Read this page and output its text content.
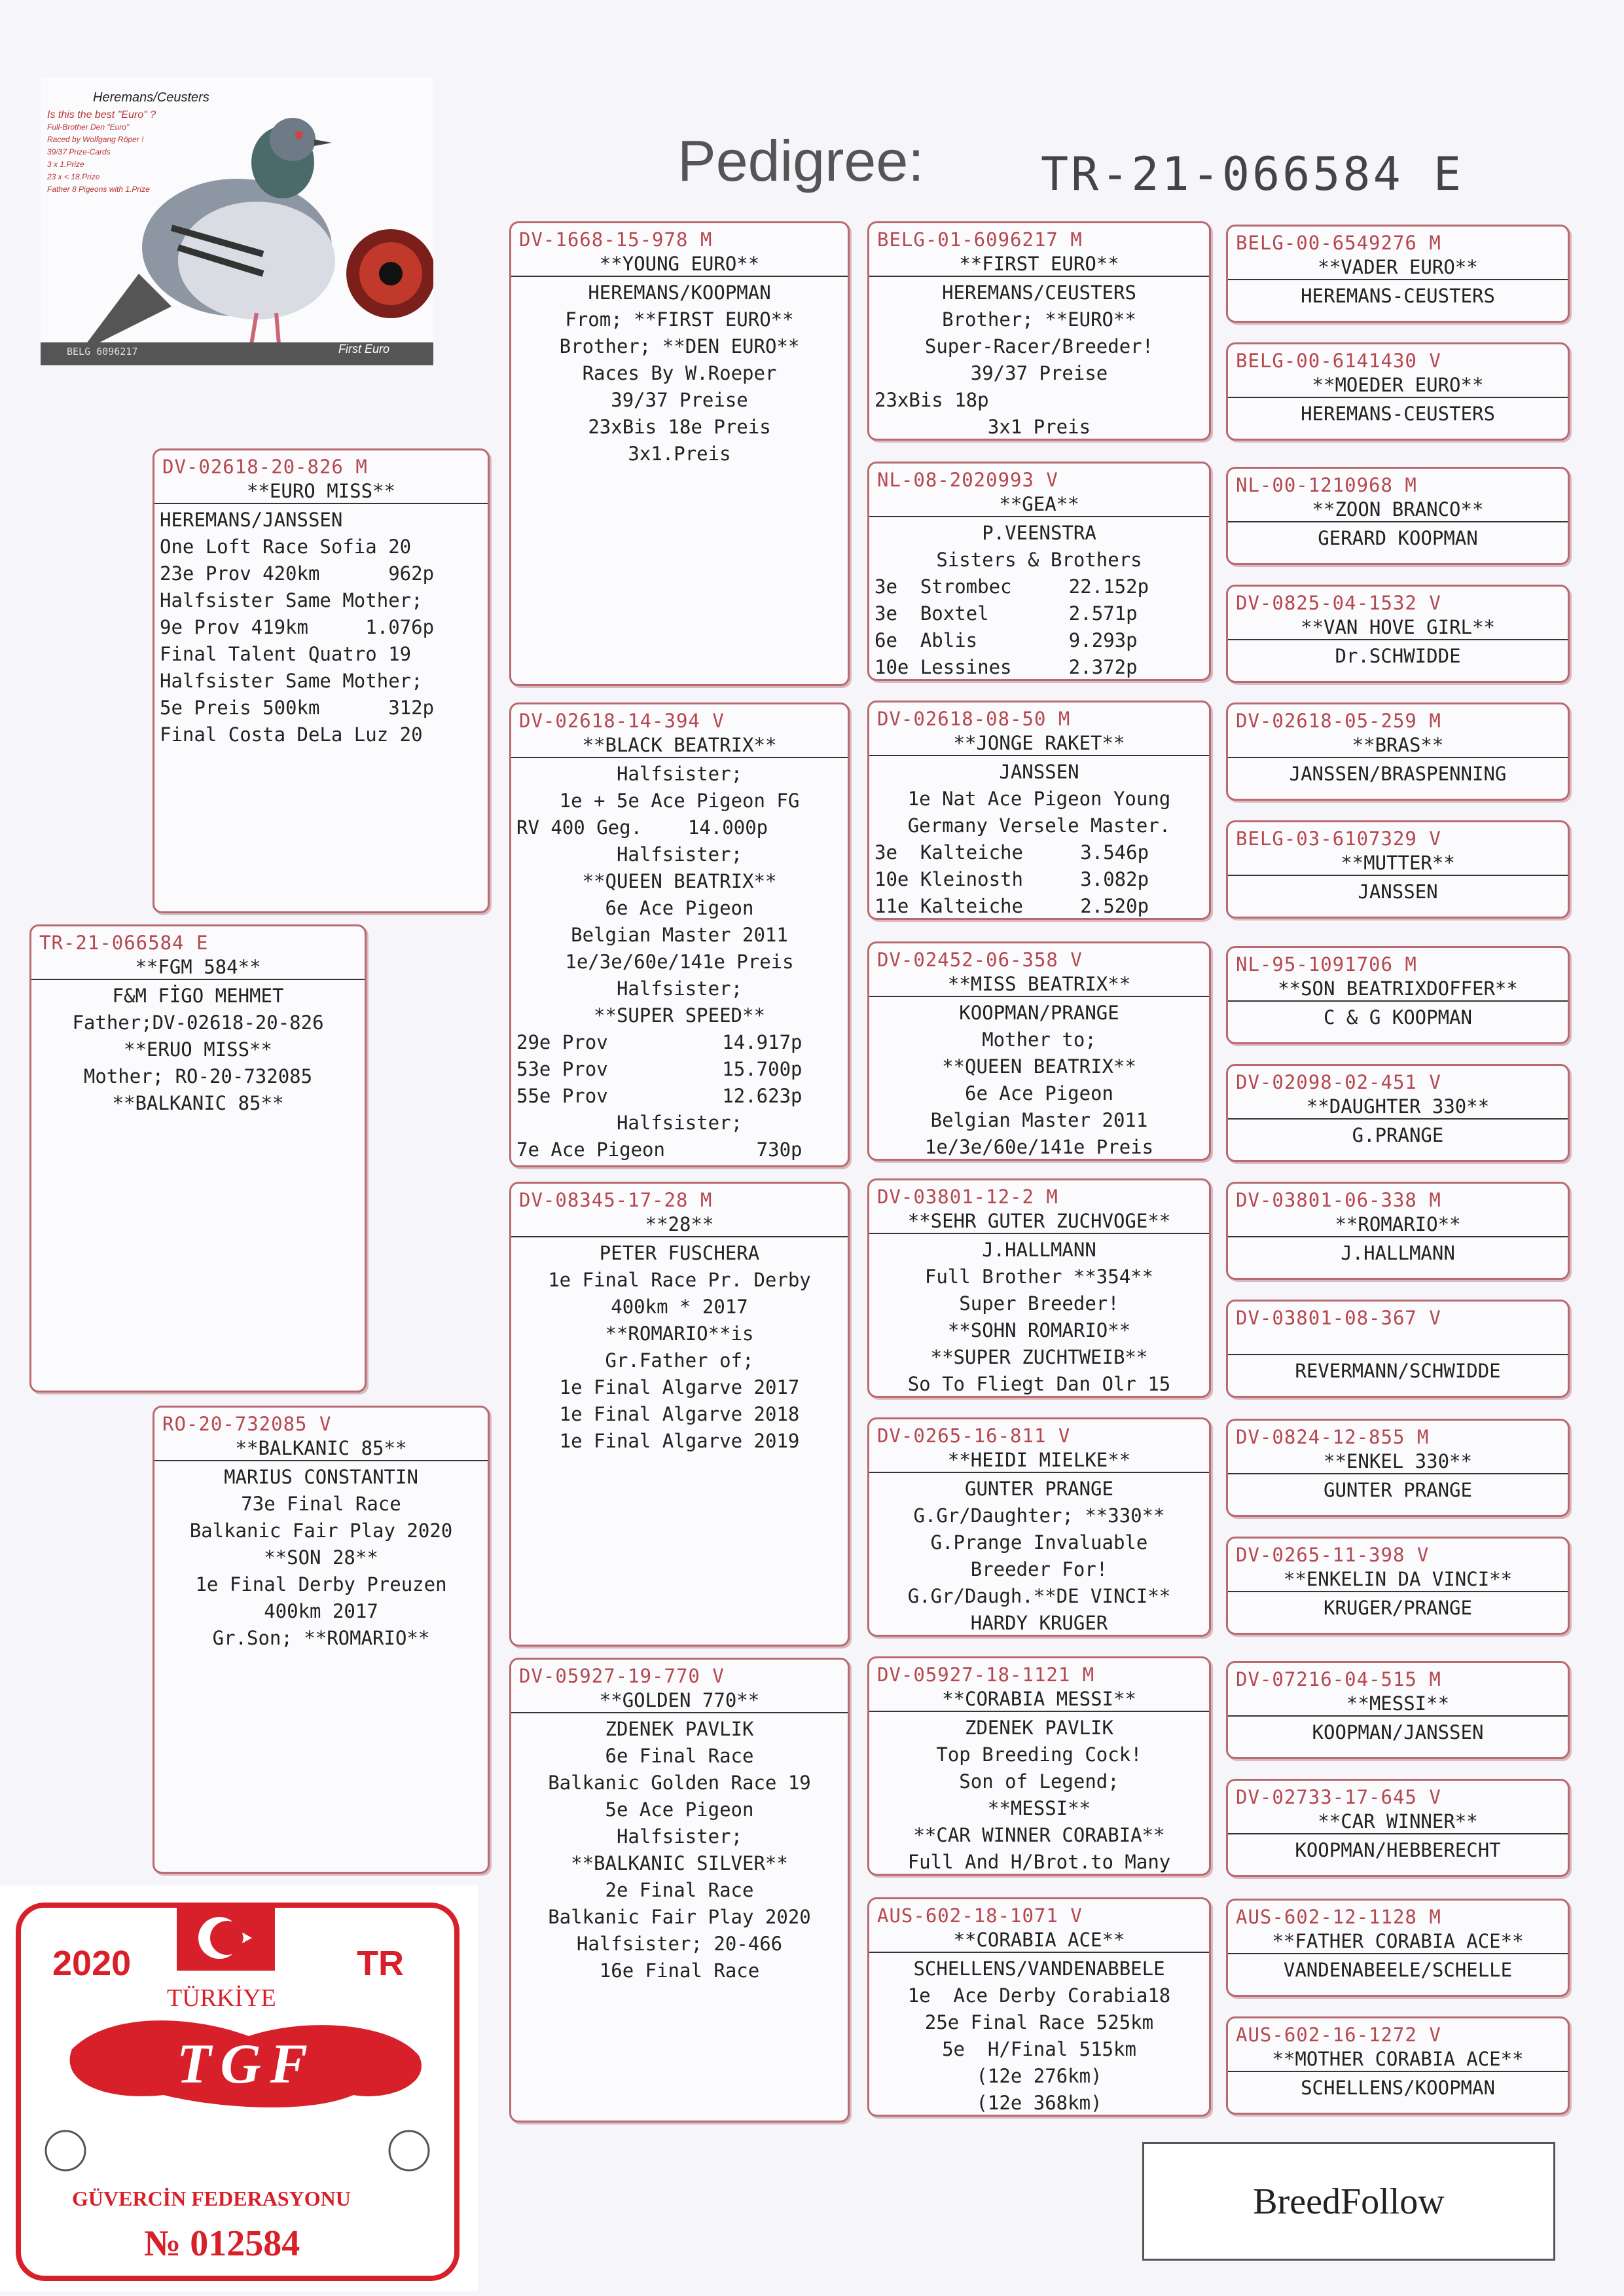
Heremans/Ceusters
Is this the best "Euro" ?
Full-Brother Den "Euro"
Raced by Wolfgang Röper !
39/37 Prize-Cards
3 x 1.Prize
23 x < 18.Prize
Father 8 Pigeons with 1.Prize
BELG 6096217	First Euro
Pedigree:	TR-21-066584 E
TR-21-066584 E
**FGM 584**
F&M FİGO MEHMET
Father;DV-02618-20-826
**ERUO MISS**
Mother; RO-20-732085
**BALKANIC 85**
DV-02618-20-826 M
**EURO MISS**
HEREMANS/JANSSEN
One Loft Race Sofia 20
23e Prov 420km      962p
Halfsister Same Mother;
9e Prov 419km     1.076p
Final Talent Quatro 19
Halfsister Same Mother;
5e Preis 500km      312p
Final Costa DeLa Luz 20
RO-20-732085 V
**BALKANIC 85**
MARIUS CONSTANTIN
73e Final Race
Balkanic Fair Play 2020
**SON 28**
1e Final Derby Preuzen
400km 2017
Gr.Son; **ROMARIO**
DV-1668-15-978 M
**YOUNG EURO**
HEREMANS/KOOPMAN
From; **FIRST EURO**
Brother; **DEN EURO**
Races By W.Roeper
39/37 Preise
23xBis 18e Preis
3x1.Preis
DV-02618-14-394 V
**BLACK BEATRIX**
Halfsister;
1e + 5e Ace Pigeon FG
RV 400 Geg.    14.000p
Halfsister;
**QUEEN BEATRIX**
6e Ace Pigeon
Belgian Master 2011
1e/3e/60e/141e Preis
Halfsister;
**SUPER SPEED**
29e Prov          14.917p
53e Prov          15.700p
55e Prov          12.623p
Halfsister;
7e Ace Pigeon        730p
DV-08345-17-28 M
**28**
PETER FUSCHERA
1e Final Race Pr. Derby
400km * 2017
**ROMARIO**is
Gr.Father of;
1e Final Algarve 2017
1e Final Algarve 2018
1e Final Algarve 2019
DV-05927-19-770 V
**GOLDEN 770**
ZDENEK PAVLIK
6e Final Race
Balkanic Golden Race 19
5e Ace Pigeon
Halfsister;
**BALKANIC SILVER**
2e Final Race
Balkanic Fair Play 2020
Halfsister; 20-466
16e Final Race
BELG-01-6096217 M
**FIRST EURO**
HEREMANS/CEUSTERS
Brother; **EURO**
Super-Racer/Breeder!
39/37 Preise
23xBis 18p
3x1 Preis
NL-08-2020993 V
**GEA**
P.VEENSTRA
Sisters & Brothers
3e  Strombec     22.152p
3e  Boxtel       2.571p
6e  Ablis        9.293p
10e Lessines     2.372p
DV-02618-08-50 M
**JONGE RAKET**
JANSSEN
1e Nat Ace Pigeon Young
Germany Versele Master.
3e  Kalteiche     3.546p
10e Kleinosth     3.082p
11e Kalteiche     2.520p
DV-02452-06-358 V
**MISS BEATRIX**
KOOPMAN/PRANGE
Mother to;
**QUEEN BEATRIX**
6e Ace Pigeon
Belgian Master 2011
1e/3e/60e/141e Preis
DV-03801-12-2 M
**SEHR GUTER ZUCHVOGE**
J.HALLMANN
Full Brother **354**
Super Breeder!
**SOHN ROMARIO**
**SUPER ZUCHTWEIB**
So To Fliegt Dan Olr 15
DV-0265-16-811 V
**HEIDI MIELKE**
GUNTER PRANGE
G.Gr/Daughter; **330**
G.Prange Invaluable
Breeder For!
G.Gr/Daugh.**DE VINCI**
HARDY KRUGER
DV-05927-18-1121 M
**CORABIA MESSI**
ZDENEK PAVLIK
Top Breeding Cock!
Son of Legend;
**MESSI**
**CAR WINNER CORABIA**
Full And H/Brot.to Many
AUS-602-18-1071 V
**CORABIA ACE**
SCHELLENS/VANDENABBELE
1e  Ace Derby Corabia18
25e Final Race 525km
5e  H/Final 515km
(12e 276km)
(12e 368km)
BELG-00-6549276 M
**VADER EURO**
HEREMANS-CEUSTERS
BELG-00-6141430 V
**MOEDER EURO**
HEREMANS-CEUSTERS
NL-00-1210968 M
**ZOON BRANCO**
GERARD KOOPMAN
DV-0825-04-1532 V
**VAN HOVE GIRL**
Dr.SCHWIDDE
DV-02618-05-259 M
**BRAS**
JANSSEN/BRASPENNING
BELG-03-6107329 V
**MUTTER**
JANSSEN
NL-95-1091706 M
**SON BEATRIXDOFFER**
C & G KOOPMAN
DV-02098-02-451 V
**DAUGHTER 330**
G.PRANGE
DV-03801-06-338 M
**ROMARIO**
J.HALLMANN
DV-03801-08-367 V

REVERMANN/SCHWIDDE
DV-0824-12-855 M
**ENKEL 330**
GUNTER PRANGE
DV-0265-11-398 V
**ENKELIN DA VINCI**
KRUGER/PRANGE
DV-07216-04-515 M
**MESSI**
KOOPMAN/JANSSEN
DV-02733-17-645 V
**CAR WINNER**
KOOPMAN/HEBBERECHT
AUS-602-12-1128 M
**FATHER CORABIA ACE**
VANDENABEELE/SCHELLE
AUS-602-16-1272 V
**MOTHER CORABIA ACE**
SCHELLENS/KOOPMAN
2020	TR
TÜRKİYE
TGF
GÜVERCİN FEDERASYONU
№ 012584
BreedFollow
